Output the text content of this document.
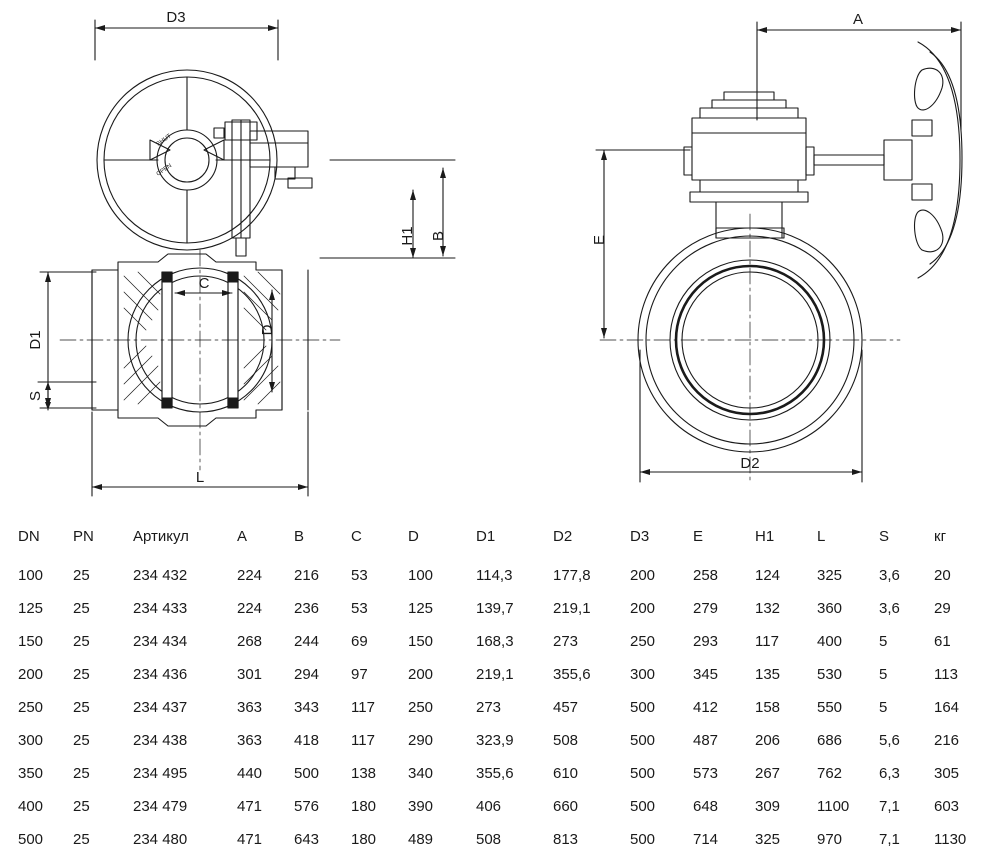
SHUT
OPEN
D3
H1 B
C
D
D1
S
L
A
E
D2
DN	PN	Артикул	A	B	C	D	D1	D2	D3	E	H1	L	S	кг
100	25	234 432	224	216	53	100	114,3	177,8	200	258	124	325	3,6	20
125	25	234 433	224	236	53	125	139,7	219,1	200	279	132	360	3,6	29
150	25	234 434	268	244	69	150	168,3	273	250	293	117	400	5	61
200	25	234 436	301	294	97	200	219,1	355,6	300	345	135	530	5	113
250	25	234 437	363	343	117	250	273	457	500	412	158	550	5	164
300	25	234 438	363	418	117	290	323,9	508	500	487	206	686	5,6	216
350	25	234 495	440	500	138	340	355,6	610	500	573	267	762	6,3	305
400	25	234 479	471	576	180	390	406	660	500	648	309	1100	7,1	603
500	25	234 480	471	643	180	489	508	813	500	714	325	970	7,1	1130
